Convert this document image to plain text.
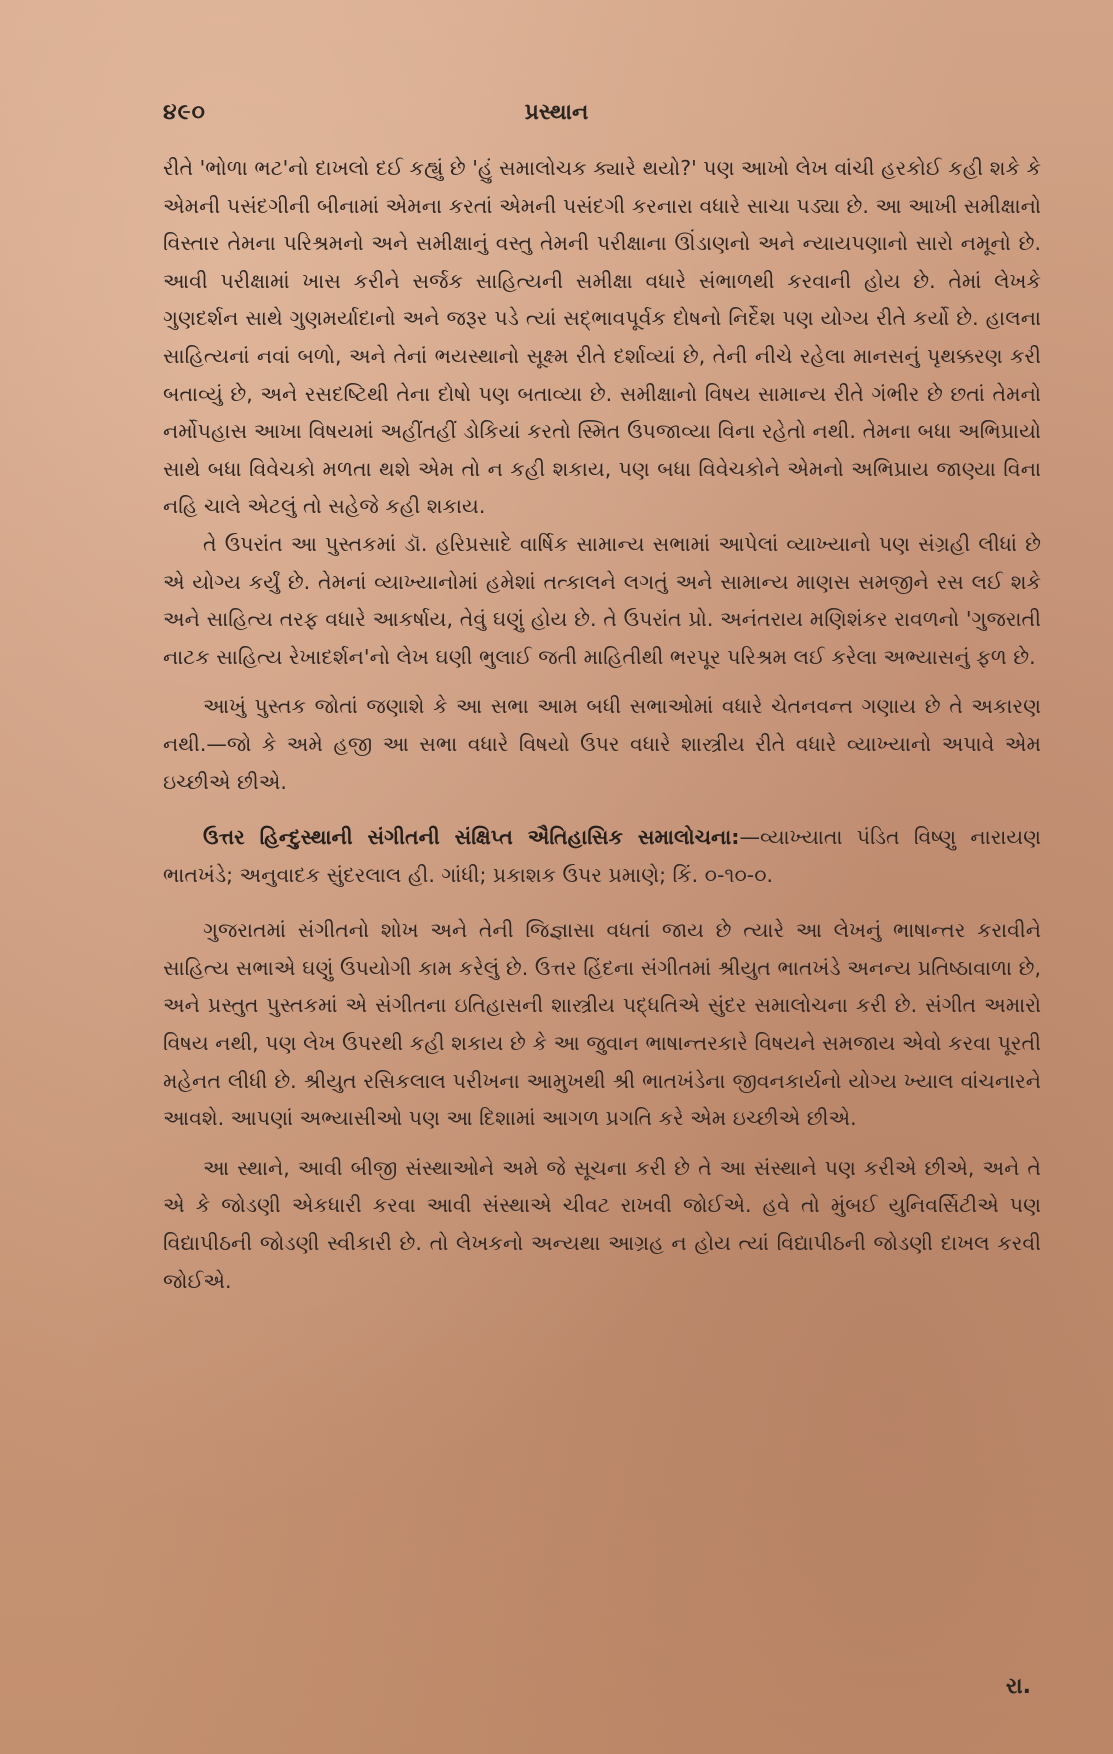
૪૯૦	પ્રસ્થાન

રીતે 'ભોળા ભટ'નો દાખલો દઈ કહ્યું છે 'હું સમાલોચક ક્યારે થયો?' પણ આખો લેખ વાંચી હરકોઈ કહી શકે કે એમની પસંદગીની બીનામાં એમના કરતાં એમની પસંદગી કરનારા વધારે સાચા પડ્યા છે. આ આખી સમીક્ષાનો વિસ્તાર તેમના પરિશ્રમનો અને સમીક્ષાનું વસ્તુ તેમની પરીક્ષાના ઊંડાણનો અને ન્યાયપણાનો સારો નમૂનો છે. આવી પરીક્ષામાં ખાસ કરીને સર્જક સાહિત્યની સમીક્ષા વધારે સંભાળથી કરવાની હોય છે. તેમાં લેખકે ગુણદર્શન સાથે ગુણમર્યાદાનો અને જરૂર પડે ત્યાં સદ્‌ભાવપૂર્વક દોષનો નિર્દેશ પણ યોગ્ય રીતે કર્યો છે. હાલના સાહિત્યનાં નવાં બળો, અને તેનાં ભયસ્થાનો સૂક્ષ્મ રીતે દર્શાવ્યાં છે, તેની નીચે રહેલા માનસનું પૃથક્કરણ કરી બતાવ્યું છે, અને રસદષ્ટિથી તેના દોષો પણ બતાવ્યા છે. સમીક્ષાનો વિષય સામાન્ય રીતે ગંભીર છે છતાં તેમનો નર્મોપહાસ આખા વિષયમાં અહીંતહીં ડોકિયાં કરતો સ્મિત ઉપજાવ્યા વિના રહેતો નથી. તેમના બધા અભિપ્રાયો સાથે બધા વિવેચકો મળતા થશે એમ તો ન કહી શકાય, પણ બધા વિવેચકોને એમનો અભિપ્રાય જાણ્યા વિના નહિ ચાલે એટલું તો સહેજે કહી શકાય.

તે ઉપરાંત આ પુસ્તકમાં ડૉ. હરિપ્રસાદે વાર્ષિક સામાન્ય સભામાં આપેલાં વ્યાખ્યાનો પણ સંગ્રહી લીધાં છે એ યોગ્ય કર્યું છે. તેમનાં વ્યાખ્યાનોમાં હમેશાં તત્કાલને લગતું અને સામાન્ય માણસ સમજીને રસ લઈ શકે અને સાહિત્ય તરફ વધારે આકર્ષાય, તેવું ઘણું હોય છે. તે ઉપરાંત પ્રો. અનંતરાય મણિશંકર રાવળનો 'ગુજરાતી નાટક સાહિત્ય રેખાદર્શન'નો લેખ ઘણી ભુલાઈ જતી માહિતીથી ભરપૂર પરિશ્રમ લઈ કરેલા અભ્યાસનું ફળ છે.

આખું પુસ્તક જોતાં જણાશે કે આ સભા આમ બધી સભાઓમાં વધારે ચેતનવન્ત ગણાય છે તે અકારણ નથી.—જો કે અમે હજી આ સભા વધારે વિષયો ઉપર વધારે શાસ્ત્રીય રીતે વધારે વ્યાખ્યાનો અપાવે એમ ઇચ્છીએ છીએ.

ઉત્તર હિન્દુસ્થાની સંગીતની સંક્ષિપ્ત ઐતિહાસિક સમાલોચના:—વ્યાખ્યાતા પંડિત વિષ્ણુ નારાયણ ભાતખંડે; અનુવાદક સુંદરલાલ હી. ગાંધી; પ્રકાશક ઉપર પ્રમાણે; કિં. ૦-૧૦-૦.

ગુજરાતમાં સંગીતનો શોખ અને તેની જિજ્ઞાસા વધતાં જાય છે ત્યારે આ લેખનું ભાષાન્તર કરાવીને સાહિત્ય સભાએ ઘણું ઉપયોગી કામ કરેલું છે. ઉત્તર હિંદના સંગીતમાં શ્રીયુત ભાતખંડે અનન્ય પ્રતિષ્ઠાવાળા છે, અને પ્રસ્તુત પુસ્તકમાં એ સંગીતના ઇતિહાસની શાસ્ત્રીય પદ્ધતિએ સુંદર સમાલોચના કરી છે. સંગીત અમારો વિષય નથી, પણ લેખ ઉપરથી કહી શકાય છે કે આ જુવાન ભાષાન્તરકારે વિષયને સમજાય એવો કરવા પૂરતી મહેનત લીધી છે. શ્રીયુત રસિકલાલ પરીખના આમુખથી શ્રી ભાતખંડેના જીવનકાર્યનો યોગ્ય ખ્યાલ વાંચનારને આવશે. આપણાં અભ્યાસીઓ પણ આ દિશામાં આગળ પ્રગતિ કરે એમ ઇચ્છીએ છીએ.

આ સ્થાને, આવી બીજી સંસ્થાઓને અમે જે સૂચના કરી છે તે આ સંસ્થાને પણ કરીએ છીએ, અને તે એ કે જોડણી એકધારી કરવા આવી સંસ્થાએ ચીવટ રાખવી જોઈએ. હવે તો મુંબઈ યુનિવર્સિટીએ પણ વિદ્યાપીઠની જોડણી સ્વીકારી છે. તો લેખકનો અન્યથા આગ્રહ ન હોય ત્યાં વિદ્યાપીઠની જોડણી દાખલ કરવી જોઈએ.

રા.
